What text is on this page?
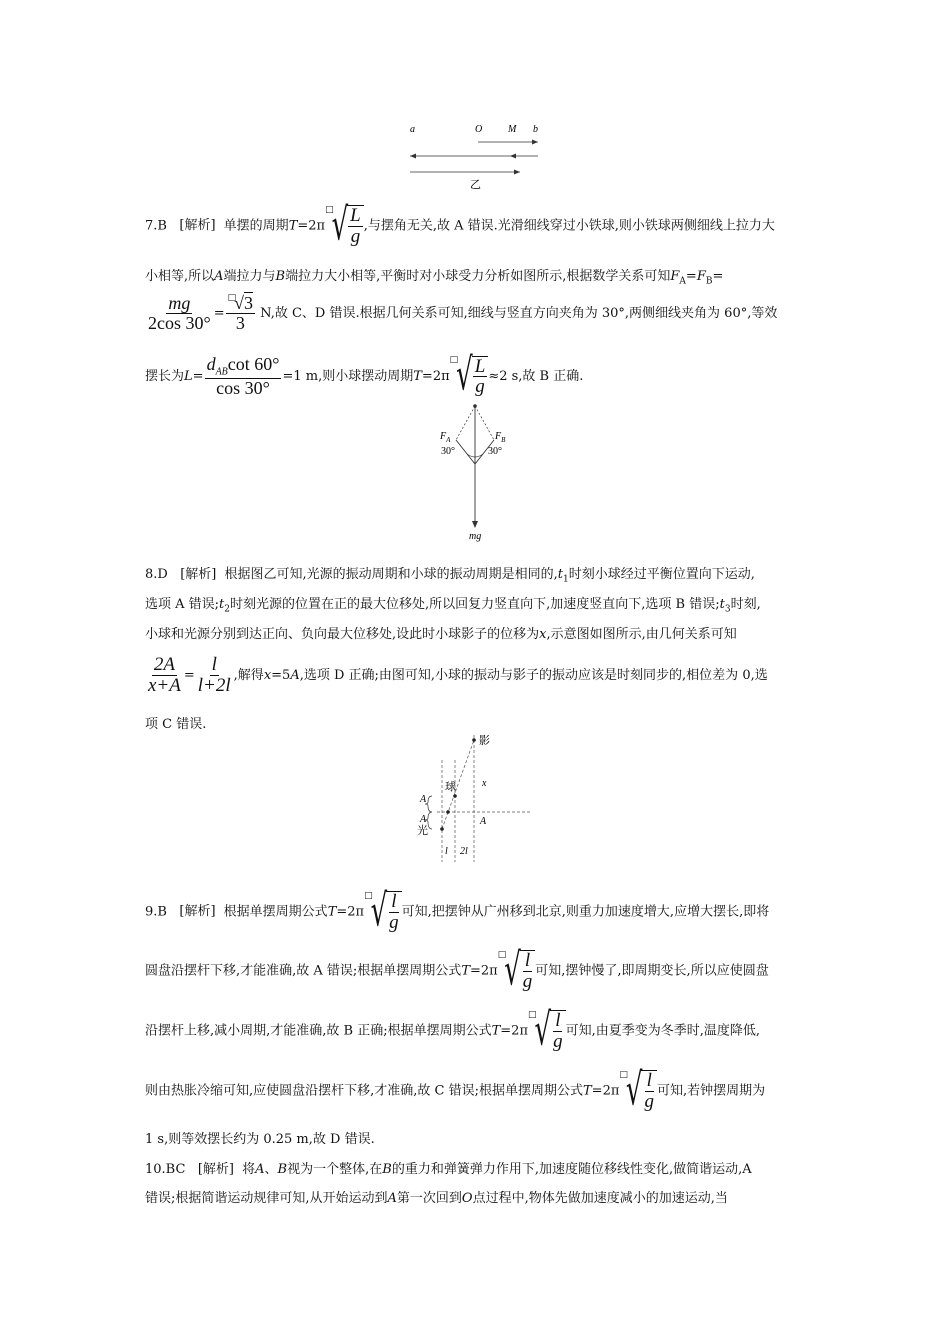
a	O	M b
乙
7.B [解析] 单摆的周期T=2π□
√ $\frac{L}{g}$ ,与摆角无关,故 A 错误.光滑细线穿过小铁球,则小铁球两侧细线上拉力大
小相等,所以A端拉力与B端拉力大小相等,平衡时对小球受力分析如图所示,根据数学关系可知$F_A=F_B=$
$\frac{mg}{2\cos 30^\circ} = \frac{^□√3}{3} N$,故 C、D 错误.根据几何关系可知,细线与竖直方向夹角为 30°,两侧细线夹角为 60°,等效
摆长为$L= \frac{d_{AB}\cot 60^\circ}{\cos 30^\circ} =1$ m,则小球摆动周期T=2π□
√ $\frac{L}{g} \approx 2$ s,故 B 正确.
$F_A$	$F_B$
30°	30°
mg
8.D [解析] 根据图乙可知,光源的振动周期和小球的振动周期是相同的$,t_1$时刻小球经过平衡位置向下运动,
选项 A 错误$;t_2$时刻光源的位置在正的最大位移处,所以回复力竖直向下,加速度竖直向下,选项 B 错误$;t_3$时刻,
小球和光源分别到达正向、负向最大位移处,设此时小球影子的位移为x,示意图如图所示,由几何关系可知
$\frac{2A}{x+A} = \frac{l}{l+2l}$ ,解得x=5A,选项 D 正确;由图可知,小球的振动与影子的振动应该是时刻同步的,相位差为 0,选
项 C 错误.
影
球
光
x
A
A	A
l 2l
9.B [解析] 根据单摆周期公式T=2π□
√ $\frac{l}{g}$ 可知,把摆钟从广州移到北京,则重力加速度增大,应增大摆长,即将
圆盘沿摆杆下移,才能准确,故 A 错误;根据单摆周期公式T=2π□
√ $\frac{l}{g}$ 可知,摆钟慢了,即周期变长,所以应使圆盘
沿摆杆上移,减小周期,才能准确,故 B 正确;根据单摆周期公式T=2π□
√ $\frac{l}{g}$ 可知,由夏季变为冬季时,温度降低,
则由热胀冷缩可知,应使圆盘沿摆杆下移,才准确,故 C 错误;根据单摆周期公式T=2π□
√ $\frac{l}{g}$ 可知,若钟摆周期为
1 s,则等效摆长约为 0.25 m,故 D 错误.
10.BC [解析] 将A、B视为一个整体,在B的重力和弹簧弹力作用下,加速度随位移线性变化,做简谐运动,A
错误;根据简谐运动规律可知,从开始运动到A第一次回到O点过程中,物体先做加速度减小的加速运动,当
